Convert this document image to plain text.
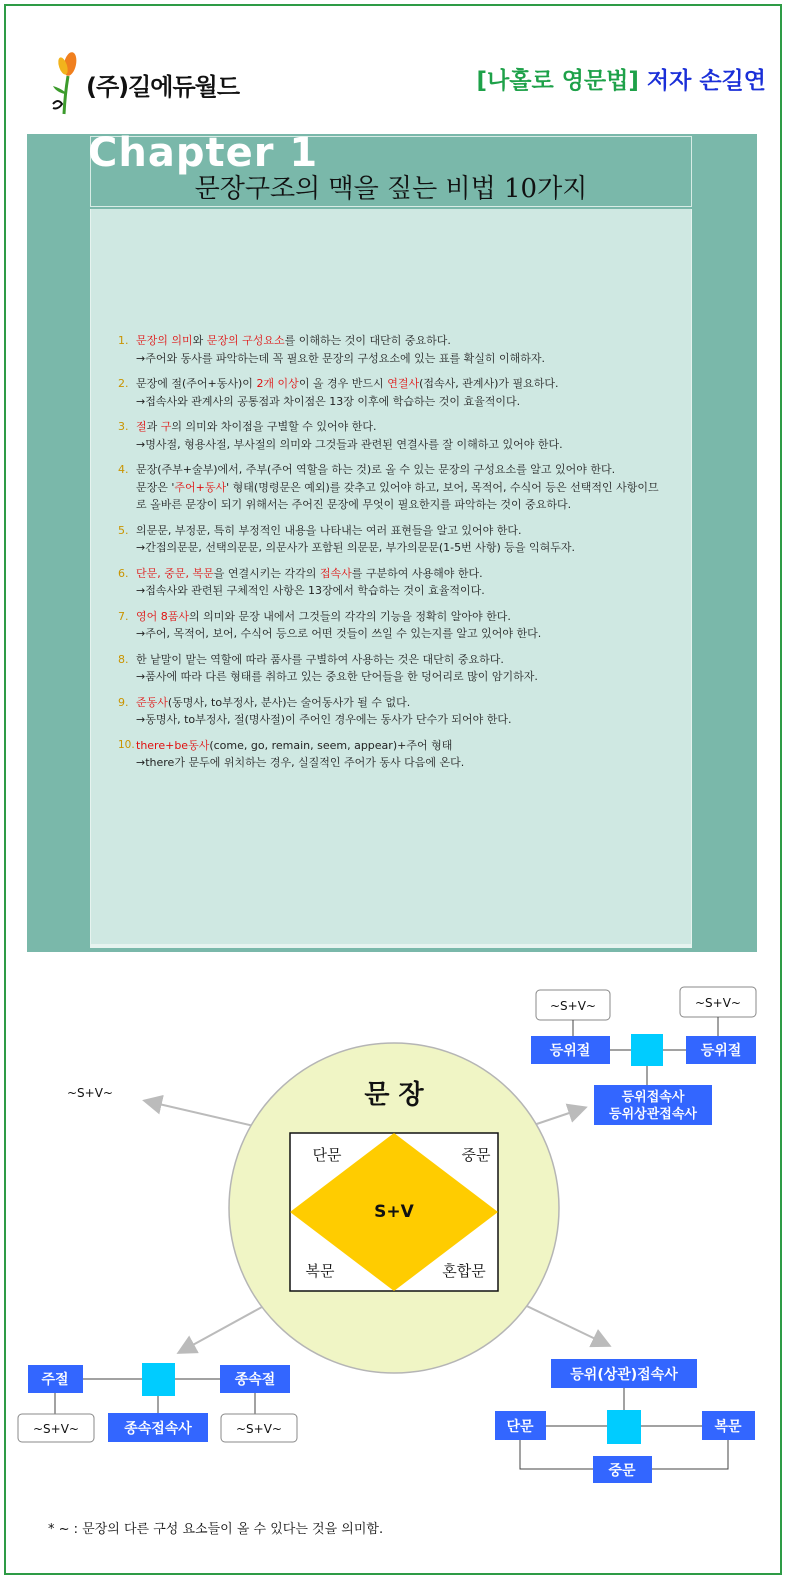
(주)길에듀월드	[나홀로 영문법] 저자 손길연
Chapter 1
문장구조의 맥을 짚는 비법 10가지
1. 문장의 의미와 문장의 구성요소를 이해하는 것이 대단히 중요하다.
→주어와 동사를 파악하는데 꼭 필요한 문장의 구성요소에 있는 표를 확실히 이해하자.
2. 문장에 절(주어+동사)이 2개 이상이 올 경우 반드시 연결사(접속사, 관계사)가 필요하다.
→접속사와 관계사의 공통점과 차이점은 13장 이후에 학습하는 것이 효율적이다.
3. 절과 구의 의미와 차이점을 구별할 수 있어야 한다.
→명사절, 형용사절, 부사절의 의미와 그것들과 관련된 연결사를 잘 이해하고 있어야 한다.
4. 문장(주부+술부)에서, 주부(주어 역할을 하는 것)로 올 수 있는 문장의 구성요소를 알고 있어야 한다.
문장은 '주어+동사' 형태(명령문은 예외)를 갖추고 있어야 하고, 보어, 목적어, 수식어 등은 선택적인 사항이므
로 올바른 문장이 되기 위해서는 주어진 문장에 무엇이 필요한지를 파악하는 것이 중요하다.
5. 의문문, 부정문, 특히 부정적인 내용을 나타내는 여러 표현들을 알고 있어야 한다.
→간접의문문, 선택의문문, 의문사가 포함된 의문문, 부가의문문(1-5번 사항) 등을 익혀두자.
6. 단문, 중문, 복문을 연결시키는 각각의 접속사를 구분하여 사용해야 한다.
→접속사와 관련된 구체적인 사항은 13장에서 학습하는 것이 효율적이다.
7. 영어 8품사의 의미와 문장 내에서 그것들의 각각의 기능을 정확히 알아야 한다.
→주어, 목적어, 보어, 수식어 등으로 어떤 것들이 쓰일 수 있는지를 알고 있어야 한다.
8. 한 낱말이 맡는 역할에 따라 품사를 구별하여 사용하는 것은 대단히 중요하다.
→품사에 따라 다른 형태를 취하고 있는 중요한 단어들을 한 덩어리로 많이 암기하자.
9. 준동사(동명사, to부정사, 분사)는 술어동사가 될 수 없다.
→동명사, to부정사, 절(명사절)이 주어인 경우에는 동사가 단수가 되어야 한다.
10. there+be동사(come, go, remain, seem, appear)+주어 형태
→there가 문두에 위치하는 경우, 실질적인 주어가 동사 다음에 온다.
문 장
S+V
단문	중문
복문	혼합문
~S+V~
~S+V~	~S+V~
등위절	등위절
등위접속사
등위상관접속사
주절	종속절
~S+V~	종속접속사	~S+V~
등위(상관)접속사
단문	복문
중문
* ~ : 문장의 다른 구성 요소들이 올 수 있다는 것을 의미함.
